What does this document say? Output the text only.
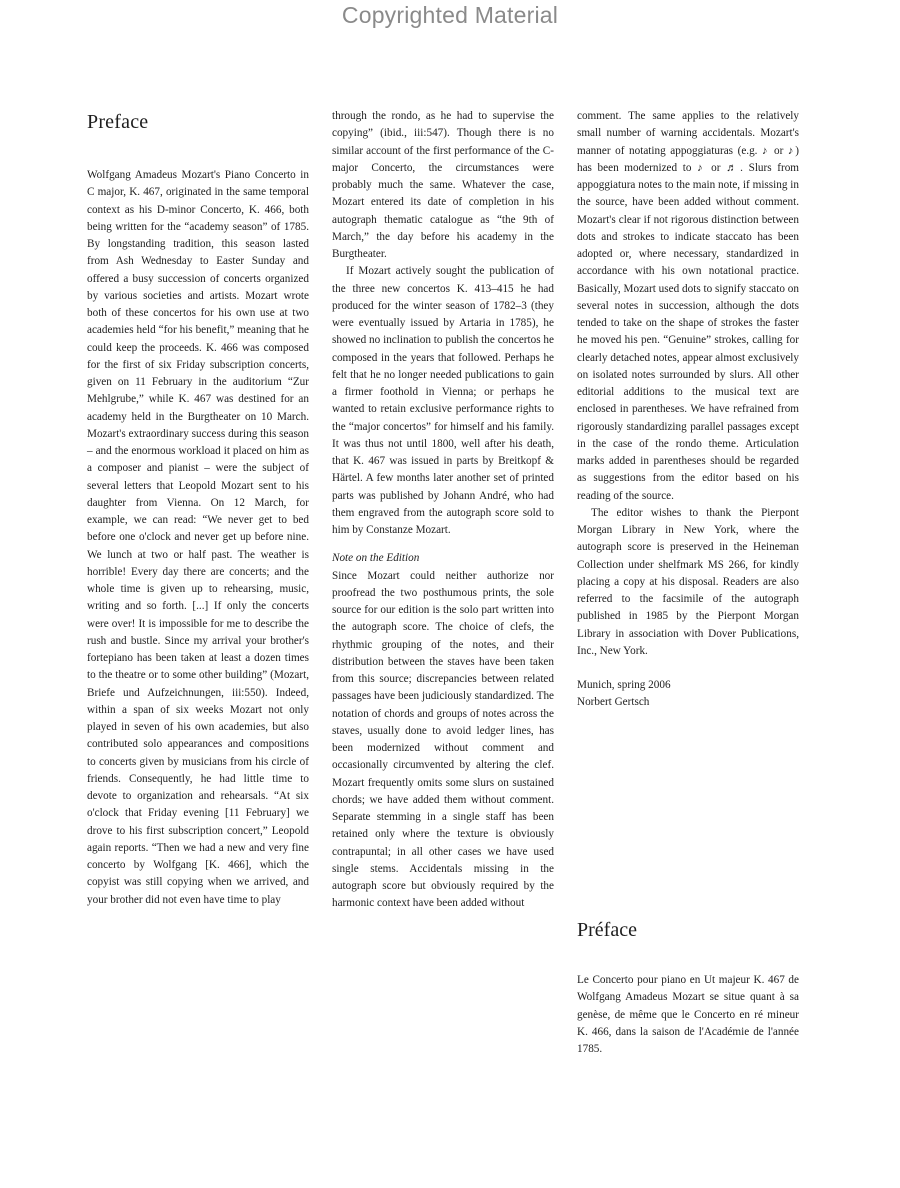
Copyrighted Material
Preface

Wolfgang Amadeus Mozart's Piano Concerto in C major, K. 467, originated in the same temporal context as his D-minor Concerto, K. 466, both being written for the “academy season” of 1785. By longstanding tradition, this season lasted from Ash Wednesday to Easter Sunday and offered a busy succession of concerts organized by various societies and artists. Mozart wrote both of these concertos for his own use at two academies held “for his benefit,” meaning that he could keep the proceeds. K. 466 was composed for the first of six Friday subscription concerts, given on 11 February in the auditorium “Zur Mehlgrube,” while K. 467 was destined for an academy held in the Burgtheater on 10 March. Mozart's extraordinary success during this season – and the enormous workload it placed on him as a composer and pianist – were the subject of several letters that Leopold Mozart sent to his daughter from Vienna. On 12 March, for example, we can read: “We never get to bed before one o'clock and never get up before nine. We lunch at two or half past. The weather is horrible! Every day there are concerts; and the whole time is given up to rehearsing, music, writing and so forth. [...] If only the concerts were over! It is impossible for me to describe the rush and bustle. Since my arrival your brother's fortepiano has been taken at least a dozen times to the theatre or to some other building” (Mozart, Briefe und Aufzeichnungen, iii:550). Indeed, within a span of six weeks Mozart not only played in seven of his own academies, but also contributed solo appearances and compositions to concerts given by musicians from his circle of friends. Consequently, he had little time to devote to organization and rehearsals. “At six o'clock that Friday evening [11 February] we drove to his first subscription concert,” Leopold again reports. “Then we had a new and very fine concerto by Wolfgang [K. 466], which the copyist was still copying when we arrived, and your brother did not even have time to play

through the rondo, as he had to supervise the copying” (ibid., iii:547). Though there is no similar account of the first performance of the C-major Concerto, the circumstances were probably much the same. Whatever the case, Mozart entered its date of completion in his autograph thematic catalogue as “the 9th of March,” the day before his academy in the Burgtheater.

If Mozart actively sought the publication of the three new concertos K. 413–415 he had produced for the winter season of 1782–3 (they were eventually issued by Artaria in 1785), he showed no inclination to publish the concertos he composed in the years that followed. Perhaps he felt that he no longer needed publications to gain a firmer foothold in Vienna; or perhaps he wanted to retain exclusive performance rights to the “major concertos” for himself and his family. It was thus not until 1800, well after his death, that K. 467 was issued in parts by Breitkopf & Härtel. A few months later another set of printed parts was published by Johann André, who had them engraved from the autograph score sold to him by Constanze Mozart.

Note on the Edition

Since Mozart could neither authorize nor proofread the two posthumous prints, the sole source for our edition is the solo part written into the autograph score. The choice of clefs, the rhythmic grouping of the notes, and their distribution between the staves have been taken from this source; discrepancies between related passages have been judiciously standardized. The notation of chords and groups of notes across the staves, usually done to avoid ledger lines, has been modernized without comment and occasionally circumvented by altering the clef. Mozart frequently omits some slurs on sustained chords; we have added them without comment. Separate stemming in a single staff has been retained only where the texture is obviously contrapuntal; in all other cases we have used single stems. Accidentals missing in the autograph score but obviously required by the harmonic context have been added without

comment. The same applies to the relatively small number of warning accidentals. Mozart's manner of notating appoggiaturas (e.g. ♪ or ♪) has been modernized to ♪ or ♬. Slurs from appoggiatura notes to the main note, if missing in the source, have been added without comment. Mozart's clear if not rigorous distinction between dots and strokes to indicate staccato has been adopted or, where necessary, standardized in accordance with his own notational practice. Basically, Mozart used dots to signify staccato on several notes in succession, although the dots tended to take on the shape of strokes the faster he moved his pen. “Genuine” strokes, calling for clearly detached notes, appear almost exclusively on isolated notes surrounded by slurs. All other editorial additions to the musical text are enclosed in parentheses. We have refrained from rigorously standardizing parallel passages except in the case of the rondo theme. Articulation marks added in parentheses should be regarded as suggestions from the editor based on his reading of the source.

The editor wishes to thank the Pierpont Morgan Library in New York, where the autograph score is preserved in the Heineman Collection under shelfmark MS 266, for kindly placing a copy at his disposal. Readers are also referred to the facsimile of the autograph published in 1985 by the Pierpont Morgan Library in association with Dover Publications, Inc., New York.

Munich, spring 2006

Norbert Gertsch

Préface

Le Concerto pour piano en Ut majeur K. 467 de Wolfgang Amadeus Mozart se situe quant à sa genèse, de même que le Concerto en ré mineur K. 466, dans la saison de l'Académie de l'année 1785.
